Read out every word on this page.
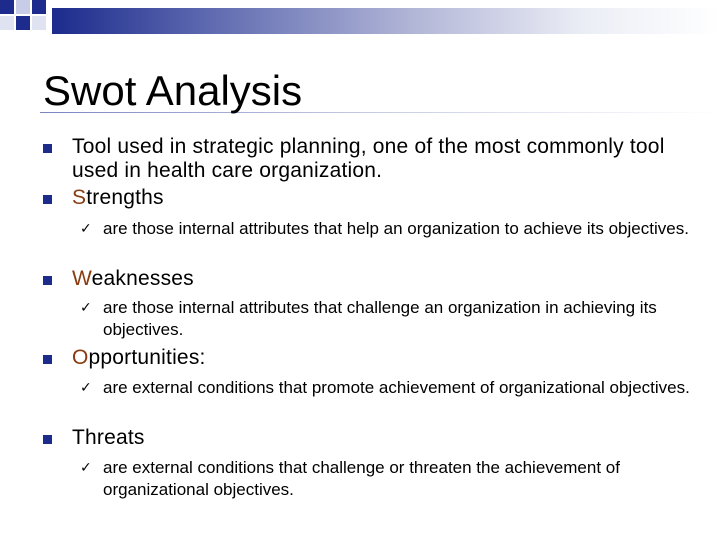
Swot Analysis
Tool used in strategic planning, one of the most commonly tool used in health care organization.
Strengths
✓ are those internal attributes that help an organization to achieve its objectives.
Weaknesses
✓ are those internal attributes that challenge an organization in achieving its objectives.
Opportunities:
✓ are external conditions that promote achievement of organizational objectives.
Threats
✓ are external conditions that challenge or threaten the achievement of organizational objectives.
